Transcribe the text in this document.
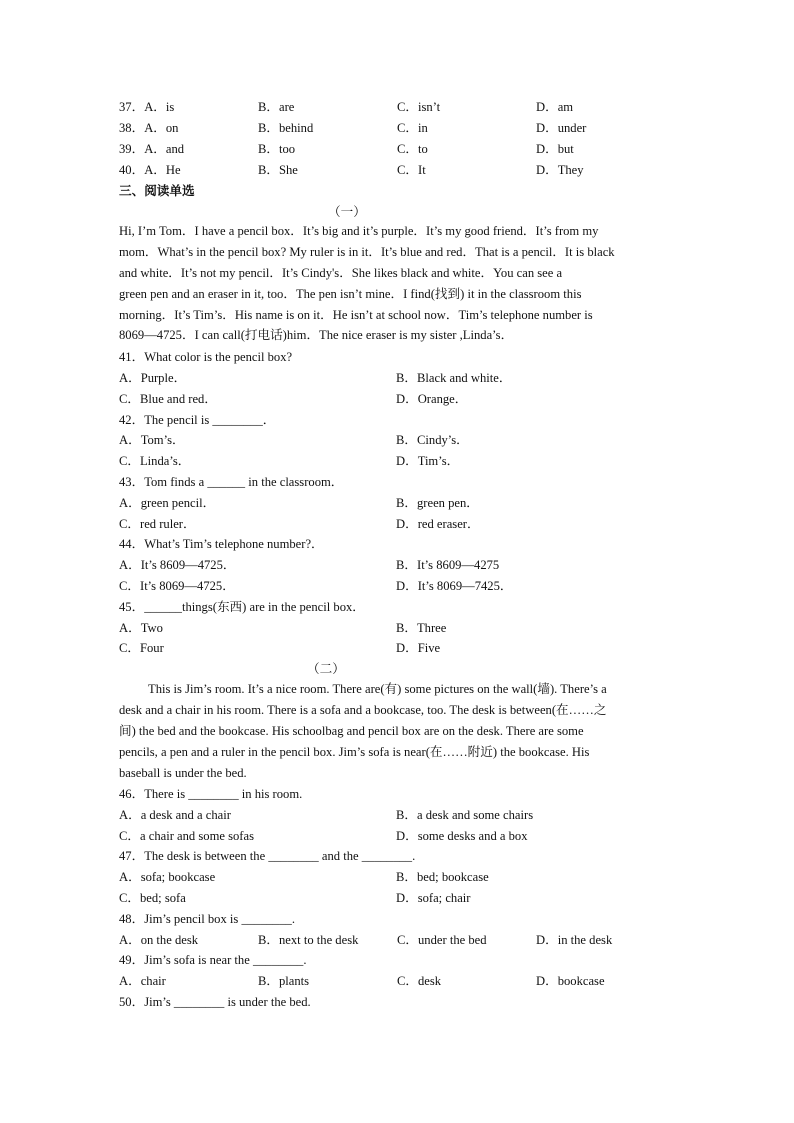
37．A．is	B．are	C．isn’t	D．am
38．A．on	B．behind	C．in	D．under
39．A．and	B．too	C．to	D．but
40．A．He	B．She	C．It	D．They
三、阅读单选
（一）
Hi, I’m Tom．I have a pencil box．It’s big and it’s purple．It’s my good friend．It’s from my
mom．What’s in the pencil box? My ruler is in it．It’s blue and red．That is a pencil．It is black
and white．It’s not my pencil．It’s Cindy's．She likes black and white．You can see a
green pen and an eraser in it, too．The pen isn’t mine．I find(找到) it in the classroom this
morning．It’s Tim’s．His name is on it．He isn’t at school now．Tim’s telephone number is
8069—4725．I can call(打电话)him．The nice eraser is my sister ,Linda’s．
41．What color is the pencil box?
A．Purple．	B．Black and white．
C．Blue and red．	D．Orange．
42．The pencil is ________．
A．Tom’s．	B．Cindy’s．
C．Linda’s．	D．Tim’s．
43．Tom finds a ______ in the classroom．
A．green pencil．	B．green pen．
C．red ruler．	D．red eraser．
44．What’s Tim’s telephone number?．
A．It’s 8609—4725．	B．It’s 8609—4275
C．It’s 8069—4725．	D．It’s 8069—7425．
45．______things(东西) are in the pencil box．
A．Two	B．Three
C．Four	D．Five
（二）
This is Jim’s room. It’s a nice room. There are(有) some pictures on the wall(墙). There’s a
desk and a chair in his room. There is a sofa and a bookcase, too. The desk is between(在……之
间) the bed and the bookcase. His schoolbag and pencil box are on the desk. There are some
pencils, a pen and a ruler in the pencil box. Jim’s sofa is near(在……附近) the bookcase. His
baseball is under the bed.
46．There is ________ in his room.
A．a desk and a chair	B．a desk and some chairs
C．a chair and some sofas	D．some desks and a box
47．The desk is between the ________ and the ________.
A．sofa; bookcase	B．bed; bookcase
C．bed; sofa	D．sofa; chair
48．Jim’s pencil box is ________.
A．on the desk	B．next to the desk	C．under the bed	D．in the desk
49．Jim’s sofa is near the ________.
A．chair	B．plants	C．desk	D．bookcase
50．Jim’s ________ is under the bed.
